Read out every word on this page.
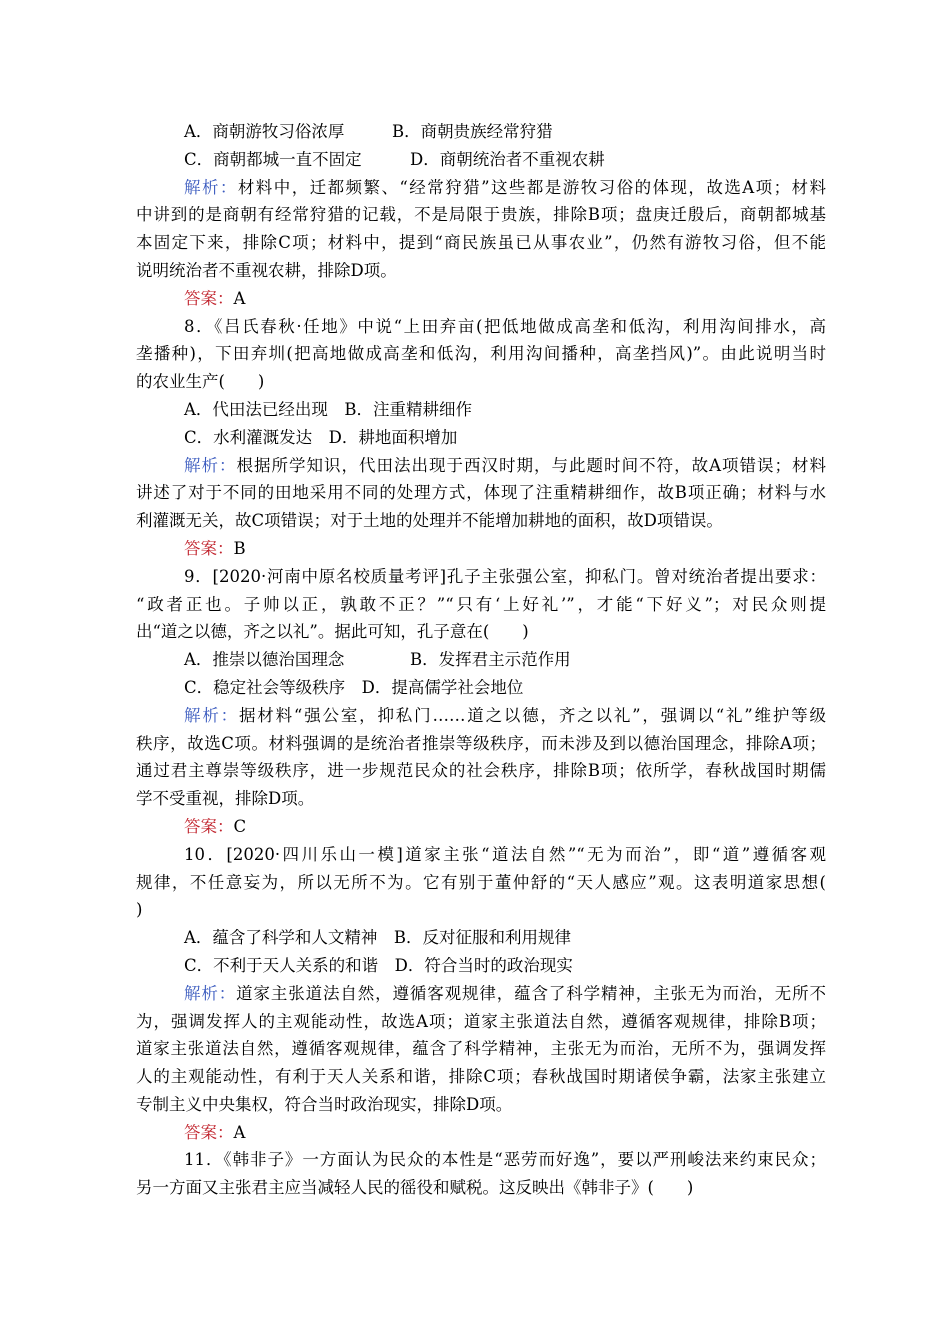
A．商朝游牧习俗浓厚	B．商朝贵族经常狩猎
C．商朝都城一直不固定	D．商朝统治者不重视农耕
解析：材料中，迁都频繁、“经常狩猎”这些都是游牧习俗的体现，故选A项；材料
中讲到的是商朝有经常狩猎的记载，不是局限于贵族，排除B项；盘庚迁殷后，商朝都城基
本固定下来，排除C项；材料中，提到“商民族虽已从事农业”，仍然有游牧习俗，但不能
说明统治者不重视农耕，排除D项。
答案：A
8．《吕氏春秋·任地》中说“上田弃亩(把低地做成高垄和低沟，利用沟间排水，高
垄播种)，下田弃圳(把高地做成高垄和低沟，利用沟间播种，高垄挡风)”。由此说明当时
的农业生产(　　)
A．代田法已经出现　B．注重精耕细作
C．水利灌溉发达　D．耕地面积增加
解析：根据所学知识，代田法出现于西汉时期，与此题时间不符，故A项错误；材料
讲述了对于不同的田地采用不同的处理方式，体现了注重精耕细作，故B项正确；材料与水
利灌溉无关，故C项错误；对于土地的处理并不能增加耕地的面积，故D项错误。
答案：B
9．[2020·河南中原名校质量考评]孔子主张强公室，抑私门。曾对统治者提出要求：
“政者正也。子帅以正，孰敢不正？”“只有‘上好礼’”，才能“下好义”；对民众则提
出“道之以德，齐之以礼”。据此可知，孔子意在(　　)
A．推崇以德治国理念	B．发挥君主示范作用
C．稳定社会等级秩序　D．提高儒学社会地位
解析：据材料“强公室，抑私门……道之以德，齐之以礼”，强调以“礼”维护等级
秩序，故选C项。材料强调的是统治者推崇等级秩序，而未涉及到以德治国理念，排除A项；
通过君主尊崇等级秩序，进一步规范民众的社会秩序，排除B项；依所学，春秋战国时期儒
学不受重视，排除D项。
答案：C
10．[2020·四川乐山一模]道家主张“道法自然”“无为而治”，即“道”遵循客观
规律，不任意妄为，所以无所不为。它有别于董仲舒的“天人感应”观。这表明道家思想(
)
A．蕴含了科学和人文精神　B．反对征服和利用规律
C．不利于天人关系的和谐　D．符合当时的政治现实
解析：道家主张道法自然，遵循客观规律，蕴含了科学精神，主张无为而治，无所不
为，强调发挥人的主观能动性，故选A项；道家主张道法自然，遵循客观规律，排除B项；
道家主张道法自然，遵循客观规律，蕴含了科学精神，主张无为而治，无所不为，强调发挥
人的主观能动性，有利于天人关系和谐，排除C项；春秋战国时期诸侯争霸，法家主张建立
专制主义中央集权，符合当时政治现实，排除D项。
答案：A
11．《韩非子》一方面认为民众的本性是“恶劳而好逸”，要以严刑峻法来约束民众；
另一方面又主张君主应当减轻人民的徭役和赋税。这反映出《韩非子》(　　)
